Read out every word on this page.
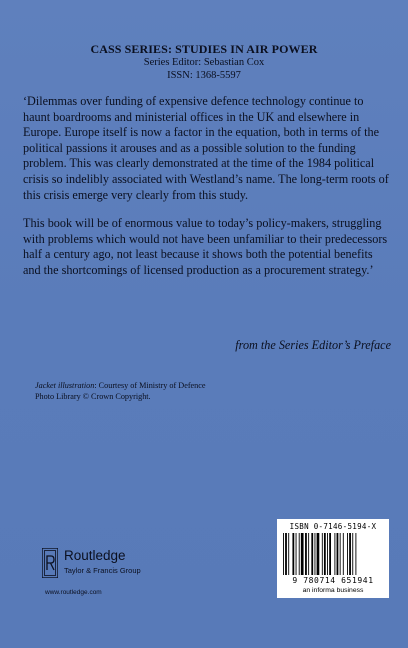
CASS SERIES: STUDIES IN AIR POWER
Series Editor: Sebastian Cox
ISSN: 1368-5597

‘Dilemmas over funding of expensive defence technology continue to haunt boardrooms and ministerial offices in the UK and elsewhere in Europe. Europe itself is now a factor in the equation, both in terms of the political passions it arouses and as a possible solution to the funding problem. This was clearly demonstrated at the time of the 1984 political crisis so indelibly associated with Westland’s name. The long-term roots of this crisis emerge very clearly from this study.

This book will be of enormous value to today’s policy-makers, struggling with problems which would not have been unfamiliar to their predecessors half a century ago, not least because it shows both the potential benefits and the shortcomings of licensed production as a procurement strategy.’

from the Series Editor’s Preface
Jacket illustration: Courtesy of Ministry of Defence Photo Library © Crown Copyright.
Routledge
Taylor & Francis Group
www.routledge.com
ISBN 0-7146-5194-X
9 780714 651941
an informa business
